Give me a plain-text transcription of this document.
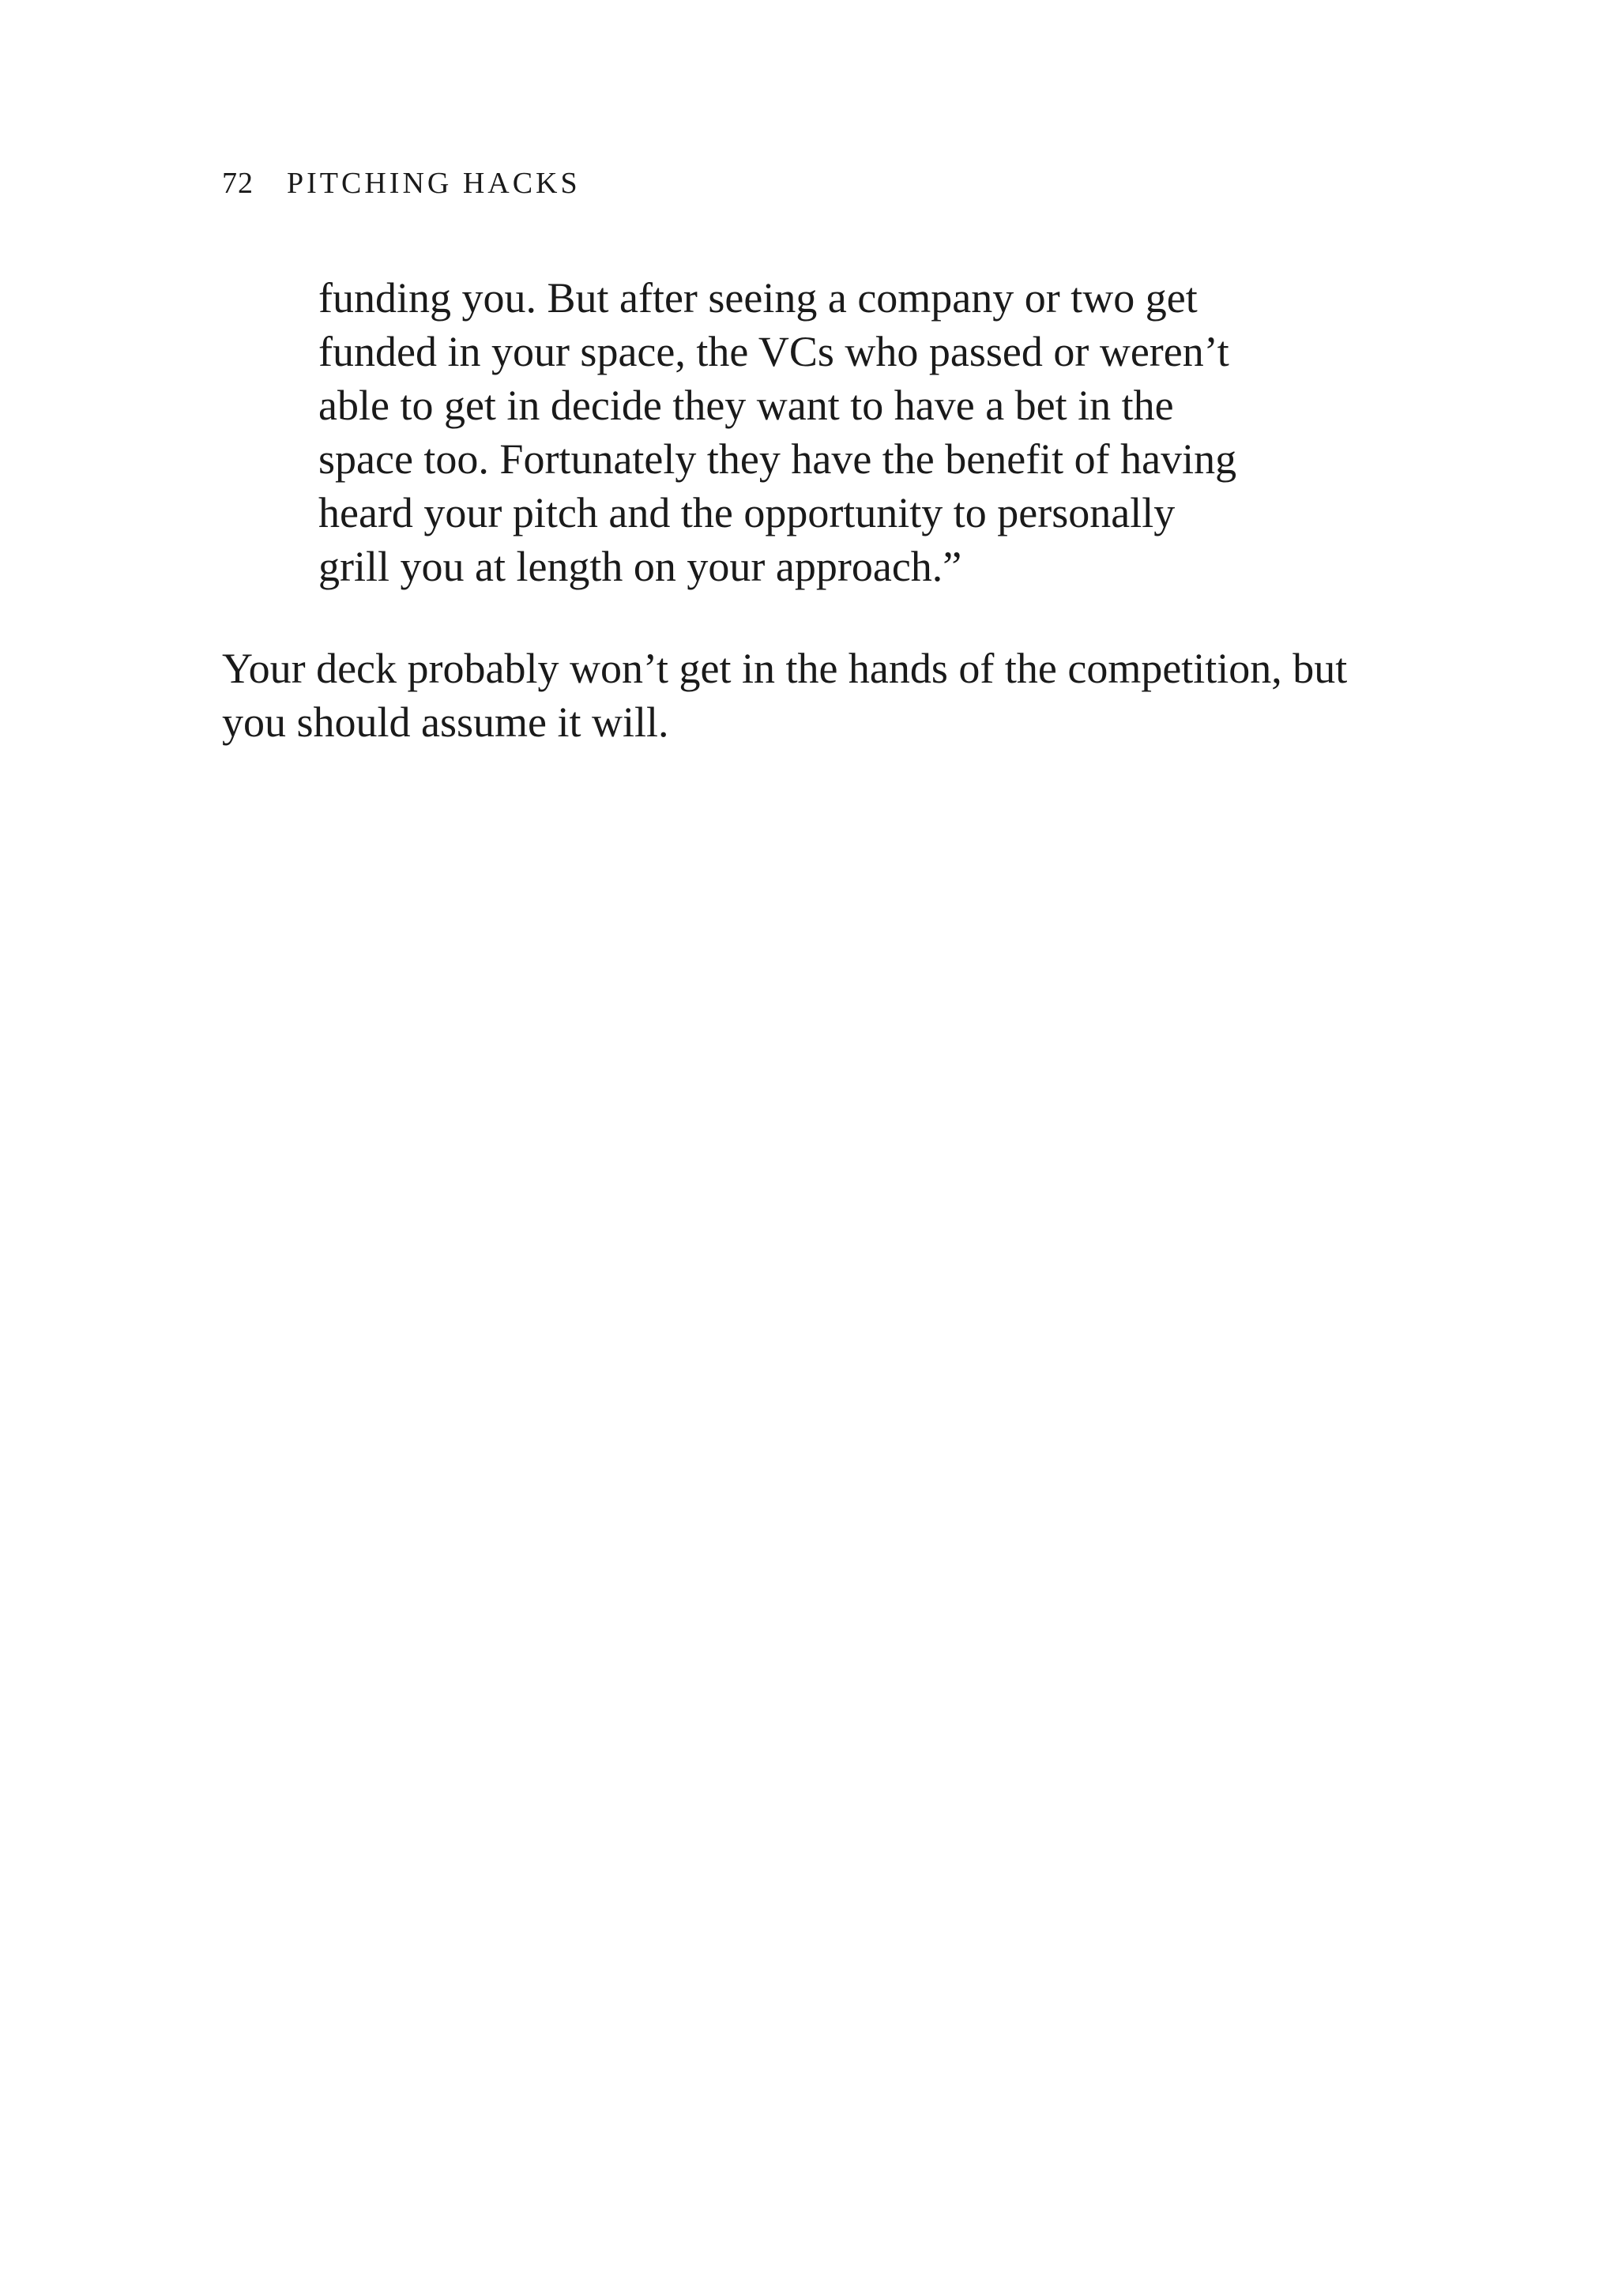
72 PITCHING HACKS
funding you. But after seeing a company or two get
funded in your space, the VCs who passed or weren’t
able to get in decide they want to have a bet in the
space too. Fortunately they have the benefit of having
heard your pitch and the opportunity to personally
grill you at length on your approach.”
Your deck probably won’t get in the hands of the competition, but
you should assume it will.
